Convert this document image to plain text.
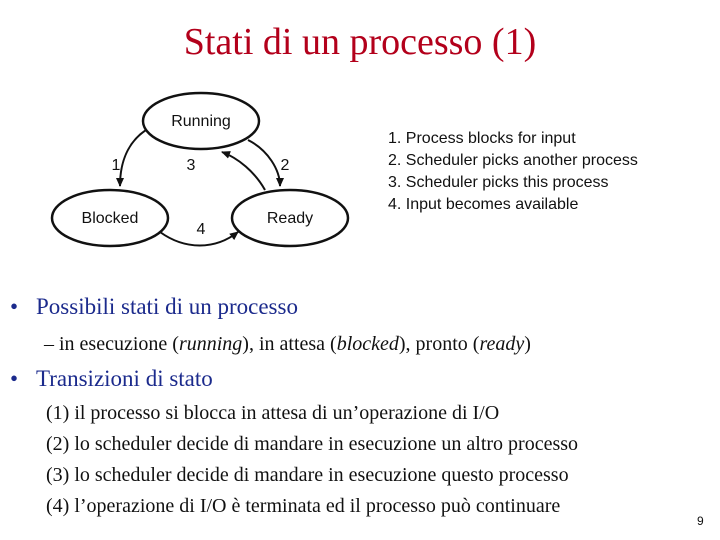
Stati di un processo (1)
Running
Blocked	Ready
1	2
3
4
1. Process blocks for input
2. Scheduler picks another process
3. Scheduler picks this process
4. Input becomes available
• Possibili stati di un processo
– in esecuzione (running), in attesa (blocked), pronto (ready)
• Transizioni di stato
(1) il processo si blocca in attesa di un’operazione di I/O
(2) lo scheduler decide di mandare in esecuzione un altro processo
(3) lo scheduler decide di mandare in esecuzione questo processo
(4) l’operazione di I/O è terminata ed il processo può continuare
9
